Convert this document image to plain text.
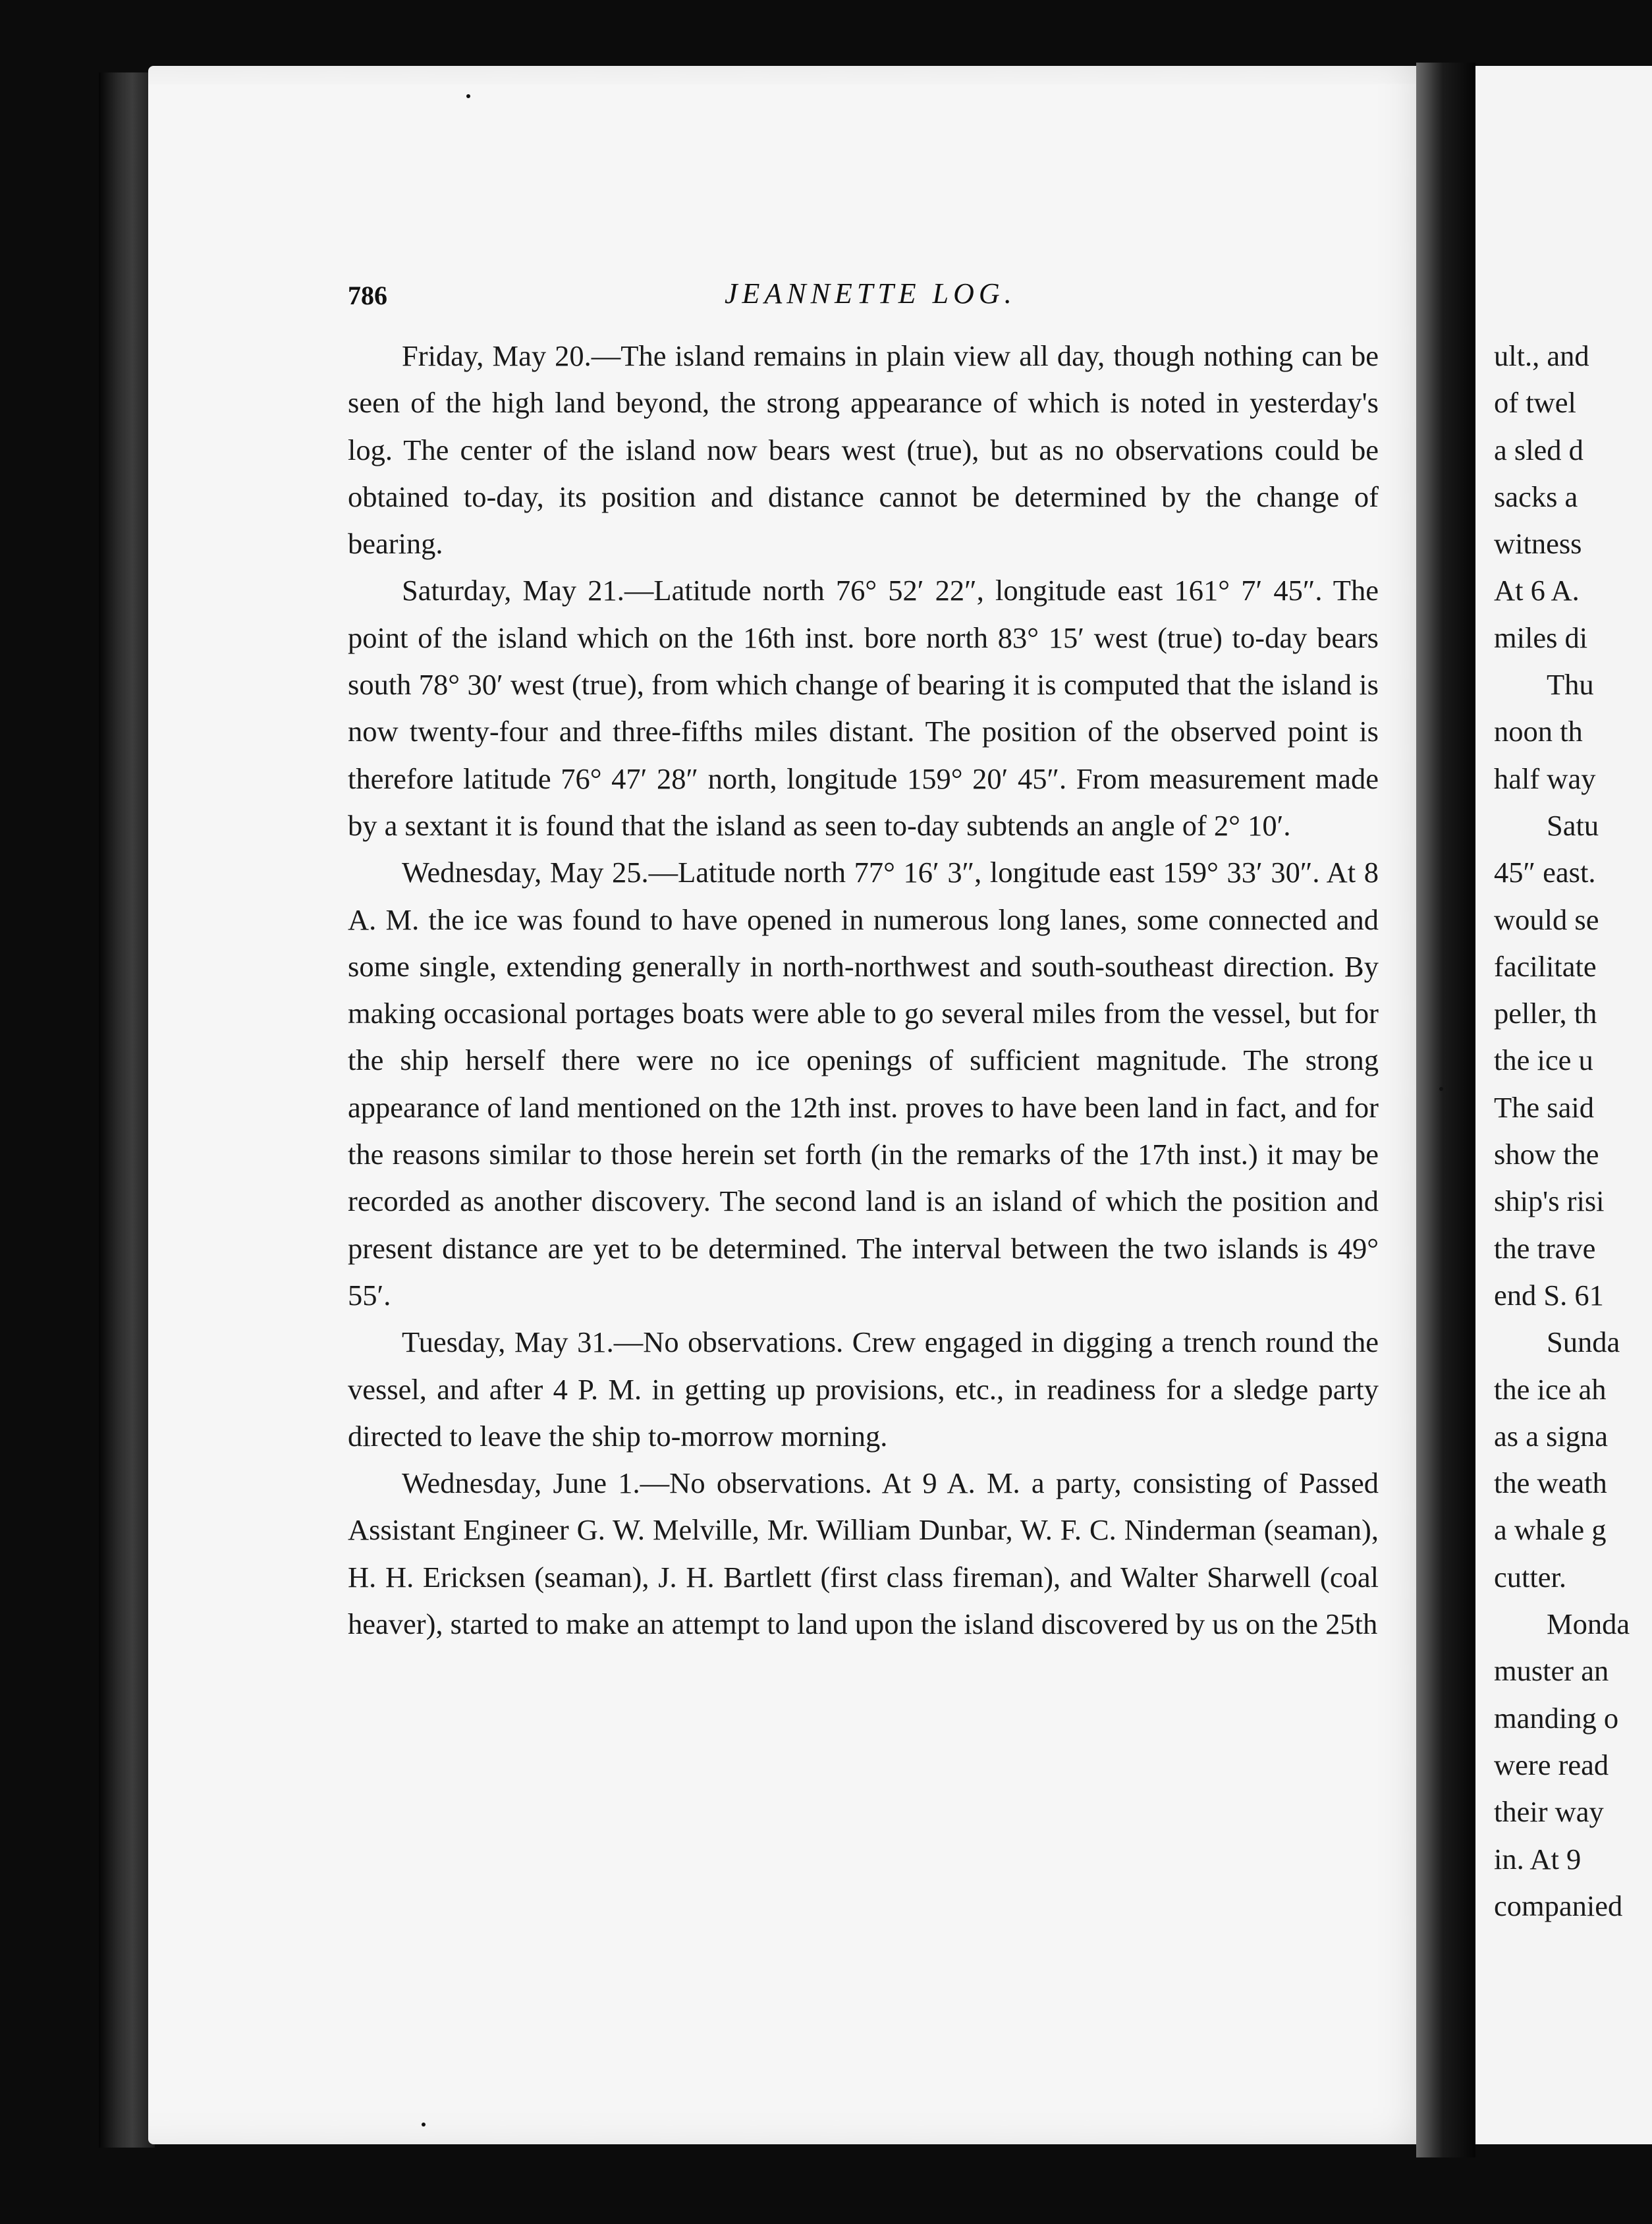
786	JEANNETTE LOG.

Friday, May 20.—The island remains in plain view all day, though nothing can be seen of the high land beyond, the strong appearance of which is noted in yesterday's log. The center of the island now bears west (true), but as no observations could be obtained to-day, its position and distance cannot be determined by the change of bearing.

Saturday, May 21.—Latitude north 76° 52′ 22″, longitude east 161° 7′ 45″. The point of the island which on the 16th inst. bore north 83° 15′ west (true) to-day bears south 78° 30′ west (true), from which change of bearing it is computed that the island is now twenty-four and three-fifths miles distant. The position of the observed point is therefore latitude 76° 47′ 28″ north, longitude 159° 20′ 45″. From measurement made by a sextant it is found that the island as seen to-day subtends an angle of 2° 10′.

Wednesday, May 25.—Latitude north 77° 16′ 3″, longitude east 159° 33′ 30″. At 8 A. M. the ice was found to have opened in numerous long lanes, some connected and some single, extending generally in north-northwest and south-southeast direction. By making occasional portages boats were able to go several miles from the vessel, but for the ship herself there were no ice openings of sufficient magnitude. The strong appearance of land mentioned on the 12th inst. proves to have been land in fact, and for the reasons similar to those herein set forth (in the remarks of the 17th inst.) it may be recorded as another discovery. The second land is an island of which the position and present distance are yet to be determined. The interval between the two islands is 49° 55′.

Tuesday, May 31.—No observations. Crew engaged in digging a trench round the vessel, and after 4 P. M. in getting up provisions, etc., in readiness for a sledge party directed to leave the ship to-morrow morning.

Wednesday, June 1.—No observations. At 9 A. M. a party, consisting of Passed Assistant Engineer G. W. Melville, Mr. William Dunbar, W. F. C. Ninderman (seaman), H. H. Ericksen (seaman), J. H. Bartlett (first class fireman), and Walter Sharwell (coal heaver), started to make an attempt to land upon the island discovered by us on the 25th

ult., and
of twel
a sled d
sacks a
witness
At 6 A.
miles di
Thu
noon th
half way
Satu
45″ east.
would se
facilitate
peller, th
the ice u
The said
show the
ship's risi
the trave
end S. 61
Sunda
the ice ah
as a signa
the weath
a whale g
cutter.
Monda
muster an
manding o
were read
their way
in. At 9
companied
